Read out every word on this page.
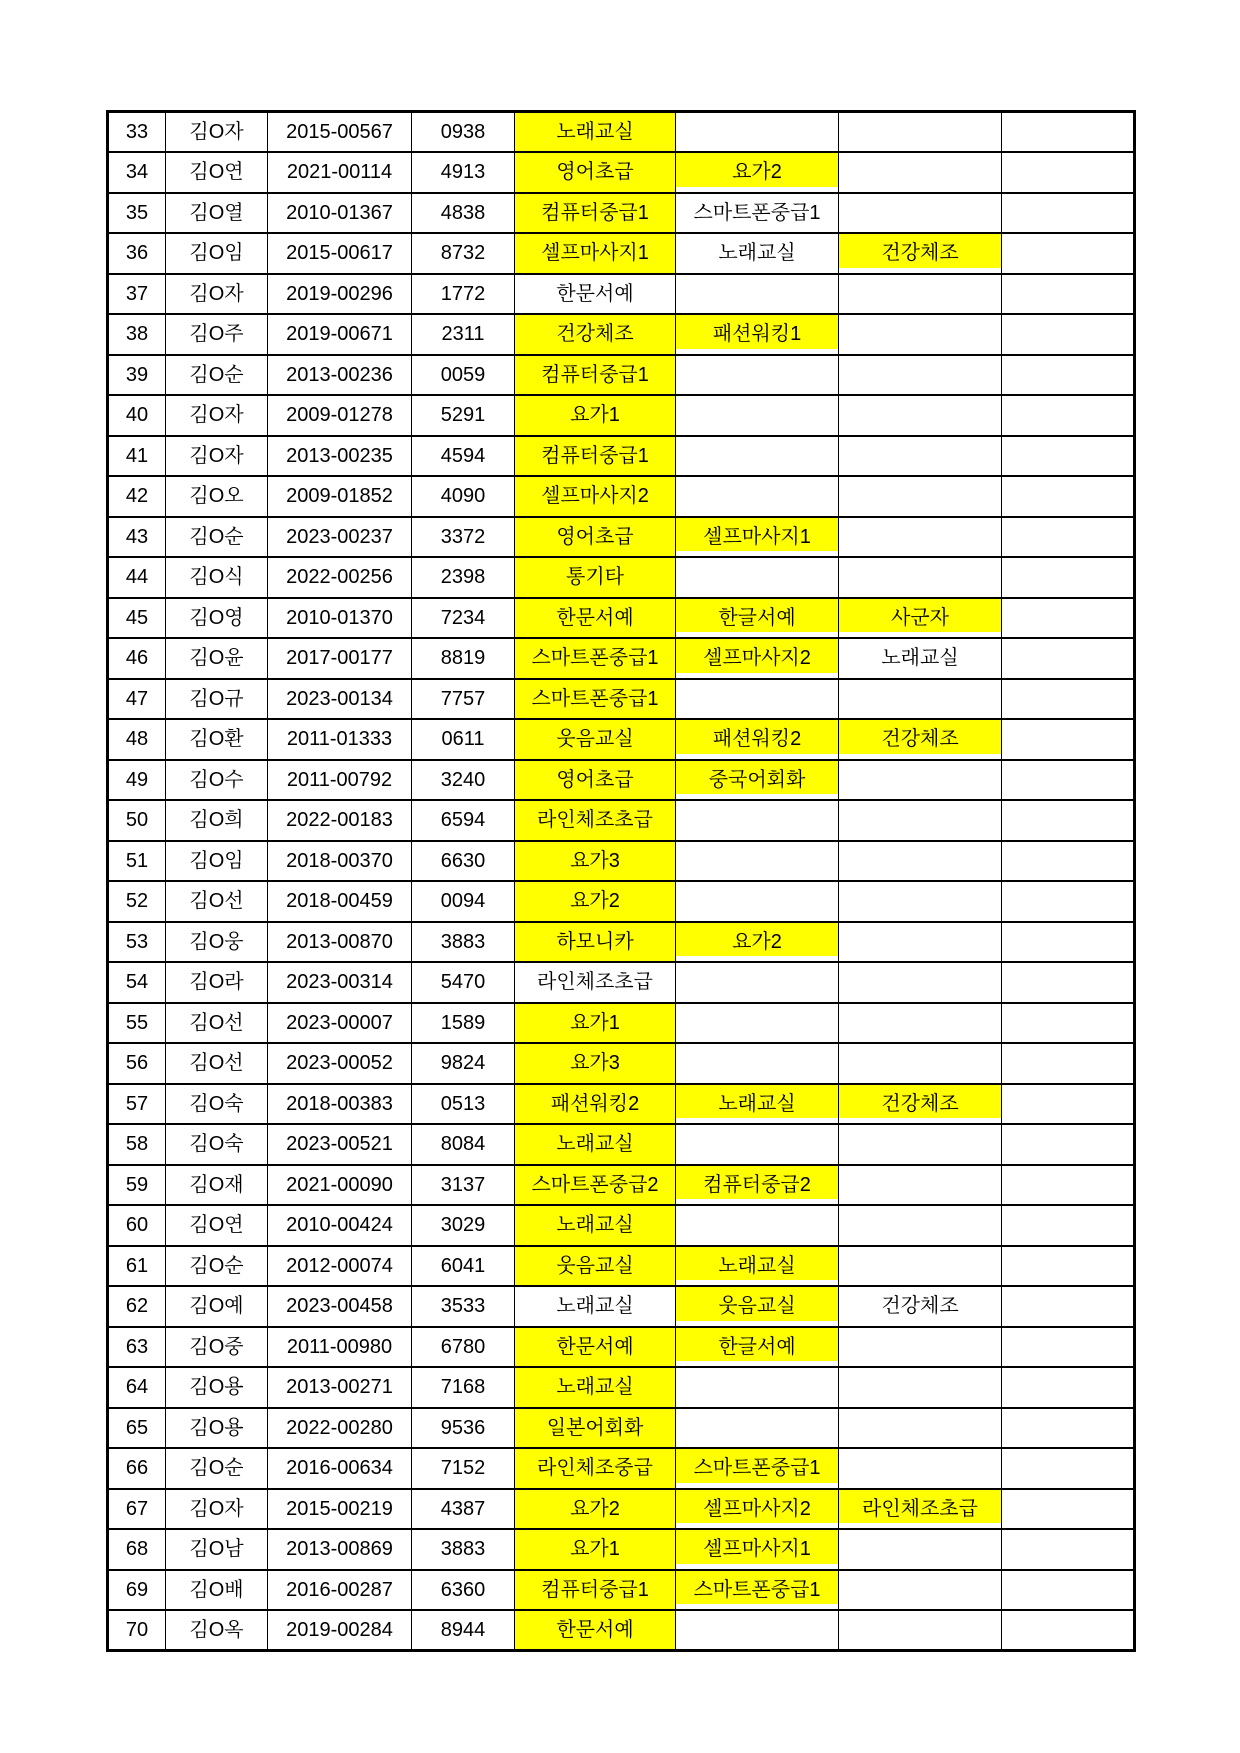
33	김O자	2015-00567	0938	노래교실			
34	김O연	2021-00114	4913	영어초급	요가2		
35	김O열	2010-01367	4838	컴퓨터중급1	스마트폰중급1		
36	김O임	2015-00617	8732	셀프마사지1	노래교실	건강체조	
37	김O자	2019-00296	1772	한문서예			
38	김O주	2019-00671	2311	건강체조	패션워킹1		
39	김O순	2013-00236	0059	컴퓨터중급1			
40	김O자	2009-01278	5291	요가1			
41	김O자	2013-00235	4594	컴퓨터중급1			
42	김O오	2009-01852	4090	셀프마사지2			
43	김O순	2023-00237	3372	영어초급	셀프마사지1		
44	김O식	2022-00256	2398	통기타			
45	김O영	2010-01370	7234	한문서예	한글서예	사군자	
46	김O윤	2017-00177	8819	스마트폰중급1	셀프마사지2	노래교실	
47	김O규	2023-00134	7757	스마트폰중급1			
48	김O환	2011-01333	0611	웃음교실	패션워킹2	건강체조	
49	김O수	2011-00792	3240	영어초급	중국어회화		
50	김O희	2022-00183	6594	라인체조초급			
51	김O임	2018-00370	6630	요가3			
52	김O선	2018-00459	0094	요가2			
53	김O웅	2013-00870	3883	하모니카	요가2		
54	김O라	2023-00314	5470	라인체조초급			
55	김O선	2023-00007	1589	요가1			
56	김O선	2023-00052	9824	요가3			
57	김O숙	2018-00383	0513	패션워킹2	노래교실	건강체조	
58	김O숙	2023-00521	8084	노래교실			
59	김O재	2021-00090	3137	스마트폰중급2	컴퓨터중급2		
60	김O연	2010-00424	3029	노래교실			
61	김O순	2012-00074	6041	웃음교실	노래교실		
62	김O예	2023-00458	3533	노래교실	웃음교실	건강체조	
63	김O중	2011-00980	6780	한문서예	한글서예		
64	김O용	2013-00271	7168	노래교실			
65	김O용	2022-00280	9536	일본어회화			
66	김O순	2016-00634	7152	라인체조중급	스마트폰중급1		
67	김O자	2015-00219	4387	요가2	셀프마사지2	라인체조초급	
68	김O남	2013-00869	3883	요가1	셀프마사지1		
69	김O배	2016-00287	6360	컴퓨터중급1	스마트폰중급1		
70	김O옥	2019-00284	8944	한문서예			
